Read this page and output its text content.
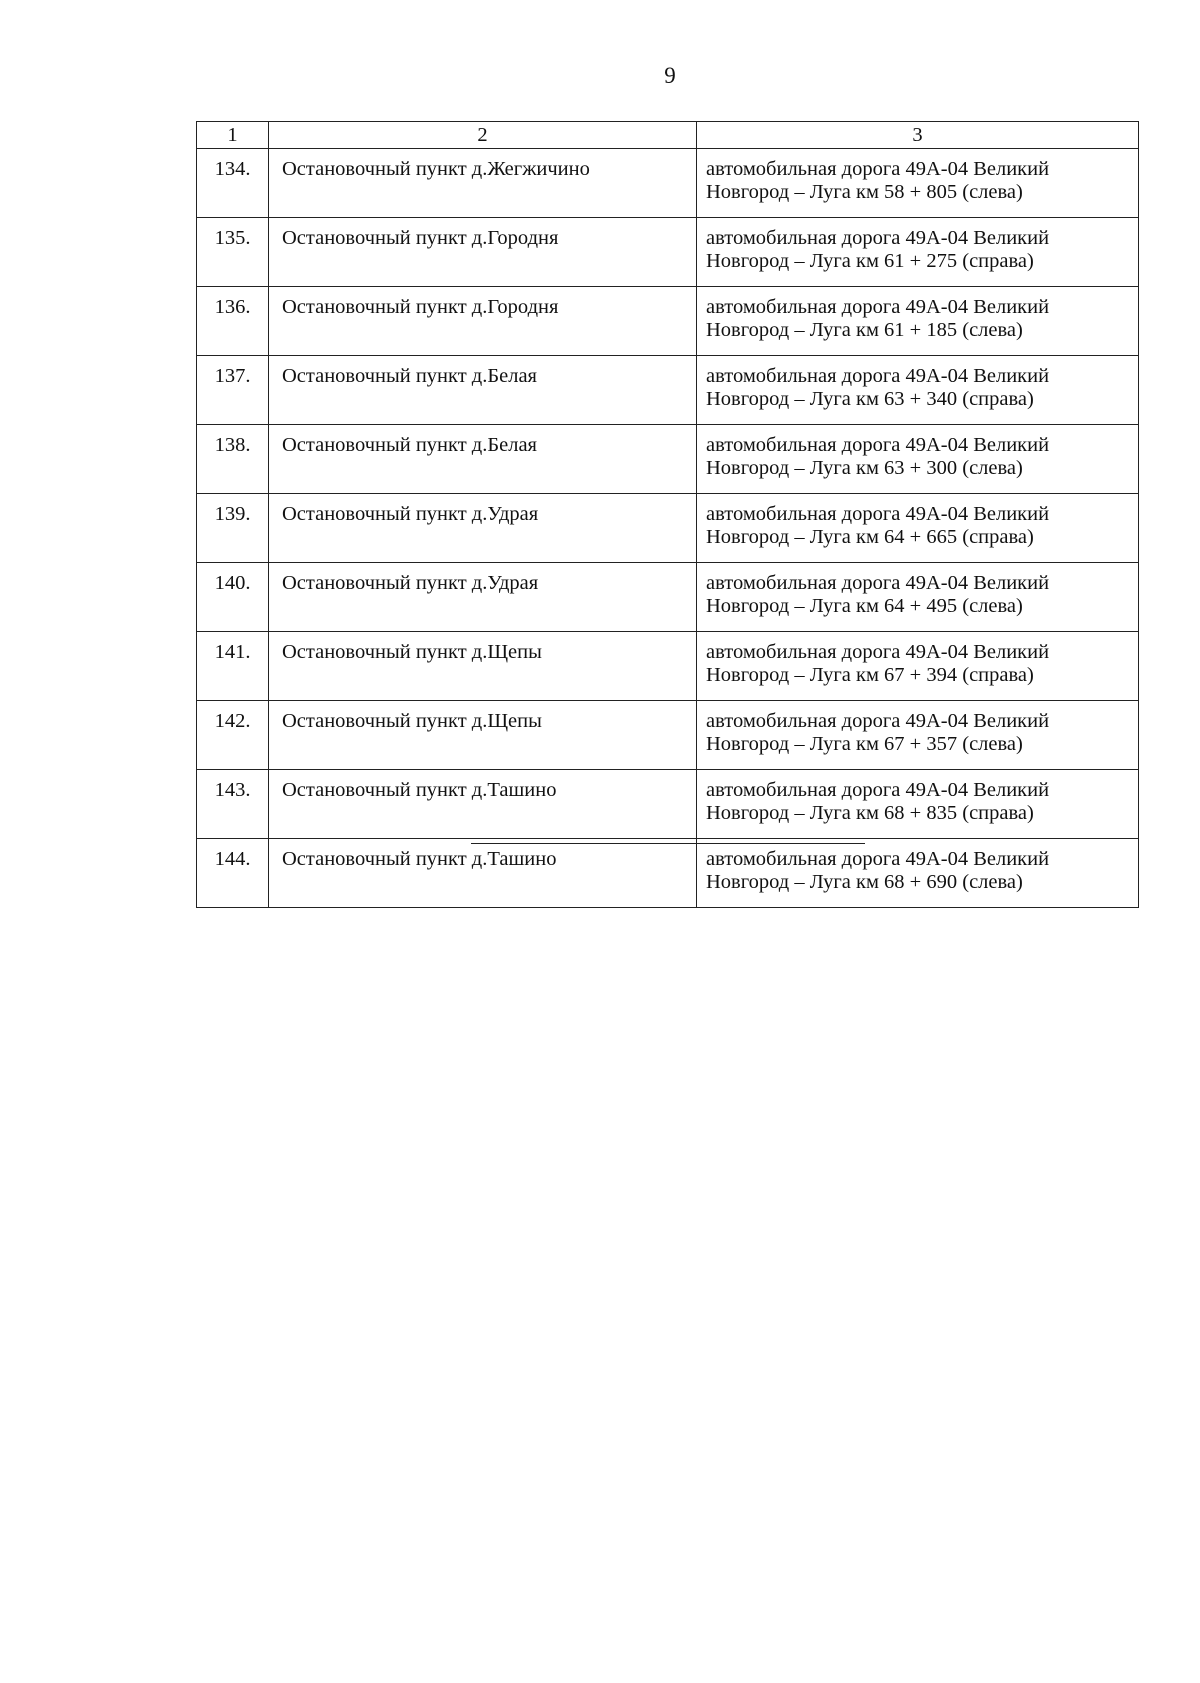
9
1	2	3
134.	Остановочный пункт д.Жегжичино	автомобильная дорога 49А-04 Великий
Новгород – Луга км 58 + 805 (слева)

135.	Остановочный пункт д.Городня	автомобильная дорога 49А-04 Великий
Новгород – Луга км 61 + 275 (справа)

136.	Остановочный пункт д.Городня	автомобильная дорога 49А-04 Великий
Новгород – Луга км 61 + 185 (слева)

137.	Остановочный пункт д.Белая	автомобильная дорога 49А-04 Великий
Новгород – Луга км 63 + 340 (справа)

138.	Остановочный пункт д.Белая	автомобильная дорога 49А-04 Великий
Новгород – Луга км 63 + 300 (слева)

139.	Остановочный пункт д.Удрая	автомобильная дорога 49А-04 Великий
Новгород – Луга км 64 + 665 (справа)

140.	Остановочный пункт д.Удрая	автомобильная дорога 49А-04 Великий
Новгород – Луга км 64 + 495 (слева)

141.	Остановочный пункт д.Щепы	автомобильная дорога 49А-04 Великий
Новгород – Луга км 67 + 394 (справа)

142.	Остановочный пункт д.Щепы	автомобильная дорога 49А-04 Великий
Новгород – Луга км 67 + 357 (слева)

143.	Остановочный пункт д.Ташино	автомобильная дорога 49А-04 Великий
Новгород – Луга км 68 + 835 (справа)

144.	Остановочный пункт д.Ташино	автомобильная дорога 49А-04 Великий
Новгород – Луга км 68 + 690 (слева)
